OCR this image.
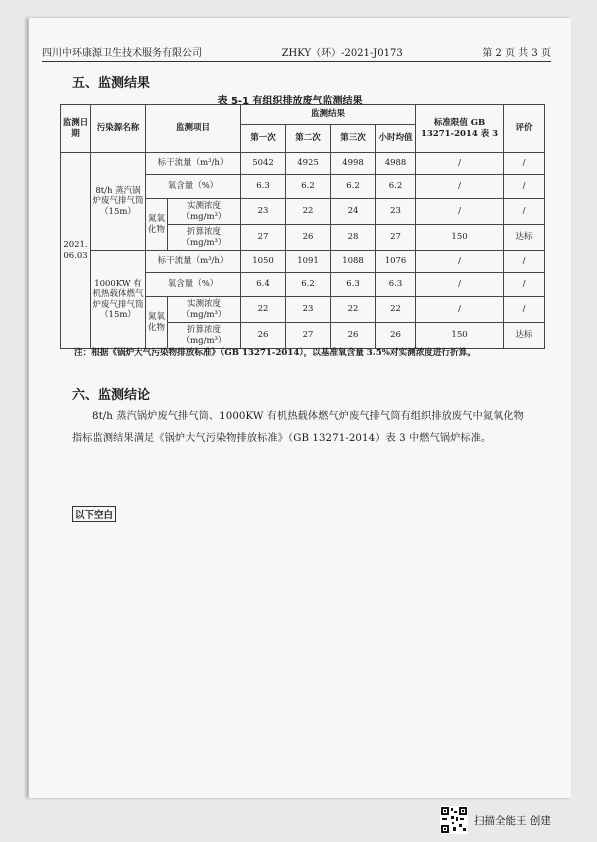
四川中环康源卫生技术服务有限公司	ZHKY（环）-2021-J0173	第 2 页 共 3 页
五、监测结果
表 5-1 有组织排放废气监测结果
监测日期	污染源名称	监测项目		监测结果				标准限值 GB 13271-2014 表 3	评价
				第一次	第二次	第三次	小时均值		
2021. 06.03	8t/h 蒸汽锅炉废气排气筒（15m）	标干流量（m³/h）		5042	4925	4998	4988	/	/
		氧含量（%）		6.3	6.2	6.2	6.2	/	/
		氮氧化物	实测浓度（mg/m³）	23	22	24	23	/	/
			折算浓度（mg/m³）	27	26	28	27	150	达标
	1000KW 有机热载体燃气炉废气排气筒（15m）	标干流量（m³/h）		1050	1091	1088	1076	/	/
		氧含量（%）		6.4	6.2	6.3	6.3	/	/
		氮氧化物	实测浓度（mg/m³）	22	23	22	22	/	/
			折算浓度（mg/m³）	26	27	26	26	150	达标
注：根据《锅炉大气污染物排放标准》（GB 13271-2014），以基准氧含量 3.5%对实测浓度进行折算。
六、监测结论
8t/h 蒸汽锅炉废气排气筒、1000KW 有机热载体燃气炉废气排气筒有组织排放废气中氮氧化物指标监测结果满足《锅炉大气污染物排放标准》（GB 13271-2014）表 3 中燃气锅炉标准。
以下空白
扫描全能王 创建
